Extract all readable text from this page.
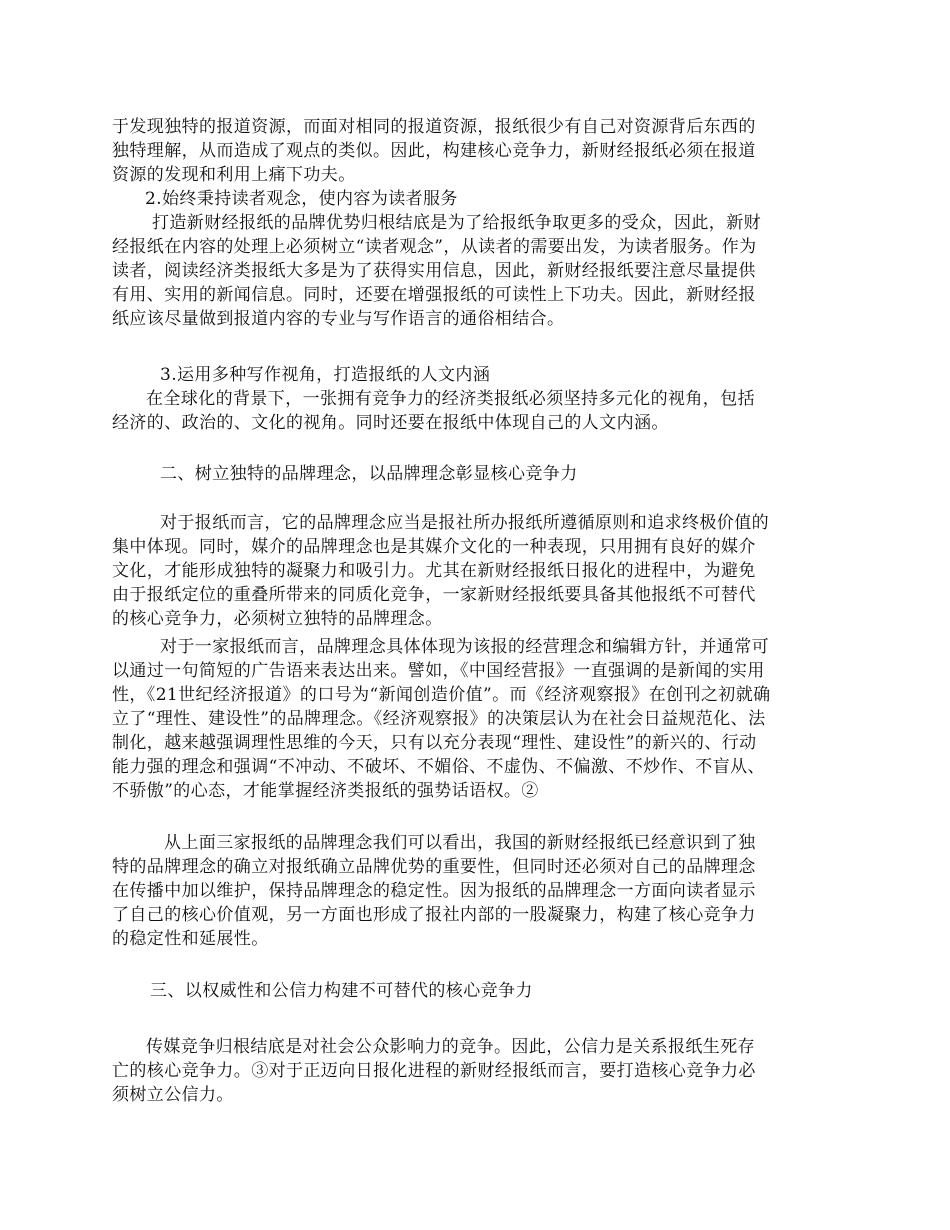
于发现独特的报道资源，而面对相同的报道资源，报纸很少有自己对资源背后东西的独特理解，从而造成了观点的类似。因此，构建核心竞争力，新财经报纸必须在报道资源的发现和利用上痛下功夫。

2.始终秉持读者观念，使内容为读者服务

打造新财经报纸的品牌优势归根结底是为了给报纸争取更多的受众，因此，新财经报纸在内容的处理上必须树立“读者观念”，从读者的需要出发，为读者服务。作为读者，阅读经济类报纸大多是为了获得实用信息，因此，新财经报纸要注意尽量提供有用、实用的新闻信息。同时，还要在增强报纸的可读性上下功夫。因此，新财经报纸应该尽量做到报道内容的专业与写作语言的通俗相结合。

3.运用多种写作视角，打造报纸的人文内涵

在全球化的背景下，一张拥有竞争力的经济类报纸必须坚持多元化的视角，包括经济的、政治的、文化的视角。同时还要在报纸中体现自己的人文内涵。

二、树立独特的品牌理念，以品牌理念彰显核心竞争力

对于报纸而言，它的品牌理念应当是报社所办报纸所遵循原则和追求终极价值的集中体现。同时，媒介的品牌理念也是其媒介文化的一种表现，只用拥有良好的媒介文化，才能形成独特的凝聚力和吸引力。尤其在新财经报纸日报化的进程中，为避免由于报纸定位的重叠所带来的同质化竞争，一家新财经报纸要具备其他报纸不可替代的核心竞争力，必须树立独特的品牌理念。

对于一家报纸而言，品牌理念具体体现为该报的经营理念和编辑方针，并通常可以通过一句简短的广告语来表达出来。譬如，《中国经营报》一直强调的是新闻的实用性，《21世纪经济报道》的口号为“新闻创造价值”。而《经济观察报》在创刊之初就确立了“理性、建设性”的品牌理念。《经济观察报》的决策层认为在社会日益规范化、法制化，越来越强调理性思维的今天，只有以充分表现“理性、建设性”的新兴的、行动能力强的理念和强调“不冲动、不破坏、不媚俗、不虚伪、不偏激、不炒作、不盲从、不骄傲”的心态，才能掌握经济类报纸的强势话语权。②

从上面三家报纸的品牌理念我们可以看出，我国的新财经报纸已经意识到了独特的品牌理念的确立对报纸确立品牌优势的重要性，但同时还必须对自己的品牌理念在传播中加以维护，保持品牌理念的稳定性。因为报纸的品牌理念一方面向读者显示了自己的核心价值观，另一方面也形成了报社内部的一股凝聚力，构建了核心竞争力的稳定性和延展性。

三、以权威性和公信力构建不可替代的核心竞争力

传媒竞争归根结底是对社会公众影响力的竞争。因此，公信力是关系报纸生死存亡的核心竞争力。③对于正迈向日报化进程的新财经报纸而言，要打造核心竞争力必须树立公信力。
